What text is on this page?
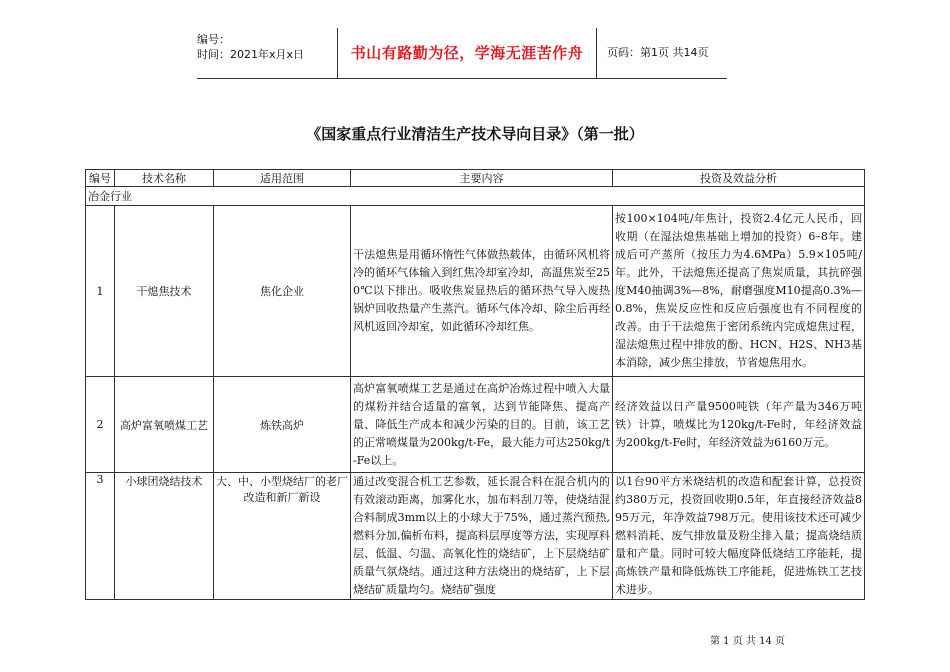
编号：
时间：2021年x月x日	书山有路勤为径，学海无涯苦作舟	页码：第1页 共14页
《国家重点行业清洁生产技术导向目录》（第一批）
编号	技术名称	适用范围	主要内容	投资及效益分析
冶金行业				
1	干熄焦技术	焦化企业	干法熄焦是用循环惰性气体做热载体，由循环风机将冷的循环气体输入到红焦冷却室冷却，高温焦炭至250℃以下排出。吸收焦炭显热后的循环热气导入废热锅炉回收热量产生蒸汽。循环气体冷却、除尘后再经风机返回冷却室，如此循环冷却红焦。	按100×104吨/年焦计，投资2.4亿元人民币，回收期（在湿法熄焦基础上增加的投资）6–8年。建成后可产蒸所（按压力为4.6MPa）5.9×105吨/年。此外，干法熄焦还提高了焦炭质量，其抗碎强度M40抽调3%—8%，耐磨强度M10提高0.3%—0.8%，焦炭反应性和反应后强度也有不同程度的改善。由于干法熄焦于密闭系统内完成熄焦过程，湿法熄焦过程中排放的酚、HCN、H2S、NH3基本消除，减少焦尘排放，节省熄焦用水。
2	高炉富氧喷煤工艺	炼铁高炉	高炉富氧喷煤工艺是通过在高炉冶炼过程中喷入大量的煤粉并结合适量的富氧，达到节能降焦、提高产量、降低生产成本和减少污染的目的。目前，该工艺的正常喷煤量为200kg/t-Fe，最大能力可达250kg/t -Fe以上。	经济效益以日产量9500吨铁（年产量为346万吨铁）计算，喷煤比为120kg/t-Fe时，年经济效益为200kg/t-Fe时，年经济效益为6160万元。
3	小球团烧结技术	大、中、小型烧结厂的老厂改造和新厂新设	通过改变混合机工艺参数，延长混合料在混合机内的有效滚动距离，加雾化水，加布料刮刀等，使烧结混合料制成3mm以上的小球大于75%，通过蒸汽预热,燃料分加,偏析布料，提高料层厚度等方法，实现厚料层、低温、匀温、高氧化性的烧结矿，上下层烧结矿质量气氛烧结。通过这种方法烧出的烧结矿，上下层烧结矿质量均匀。烧结矿强度	以1台90平方米烧结机的改造和配套计算，总投资约380万元，投资回收期0.5年，年直接经济效益895万元，年净效益798万元。使用该技术还可减少燃料消耗、废气排放量及粉尘排入量；提高烧结质量和产量。同时可较大幅度降低烧结工序能耗，提高炼铁产量和降低炼铁工序能耗，促进炼铁工艺技术进步。
第 1 页 共 14 页
